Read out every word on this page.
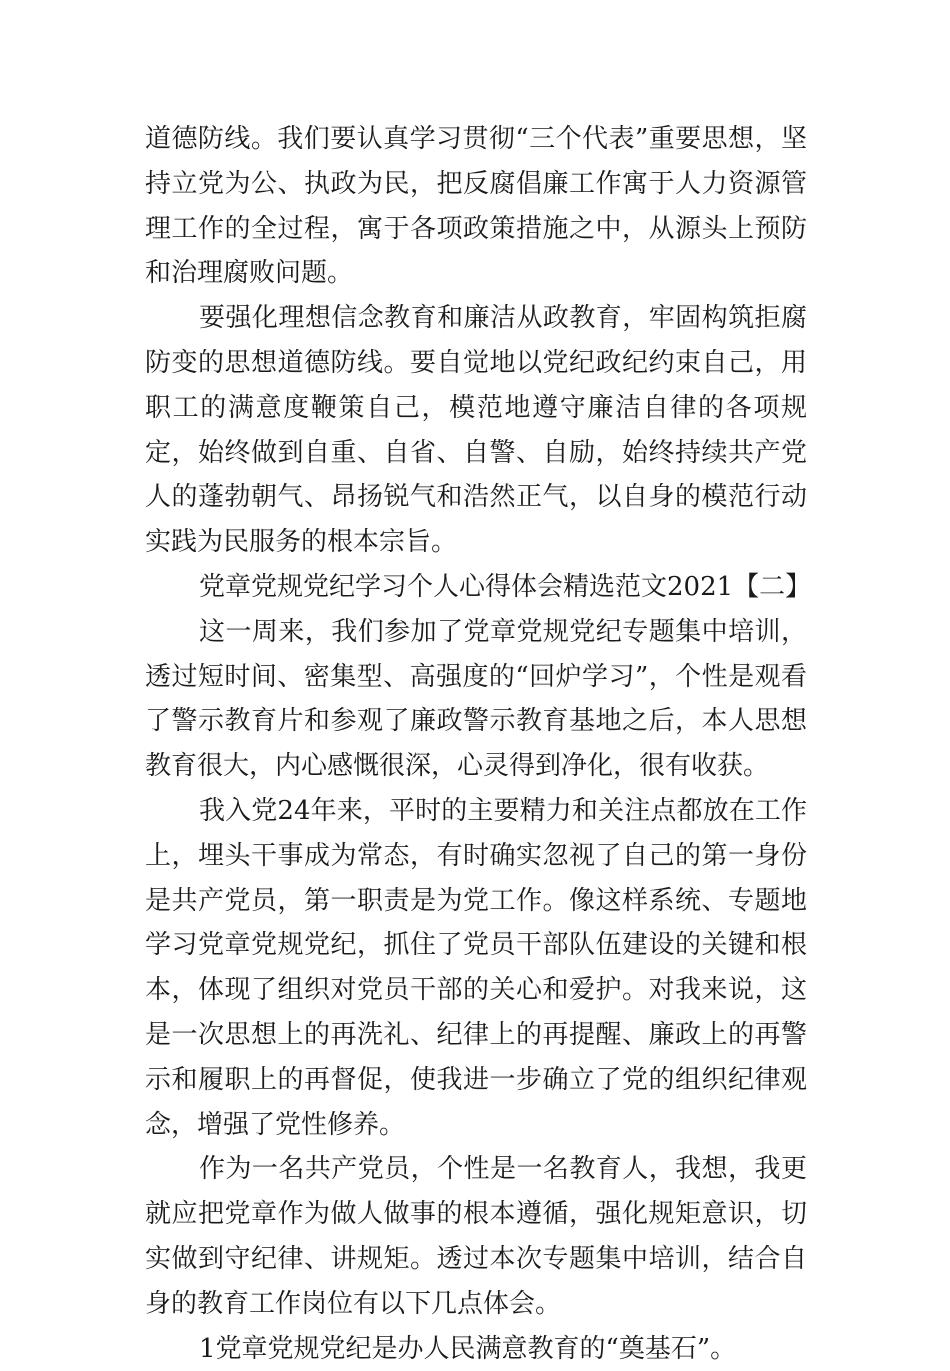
道德防线。我们要认真学习贯彻“三个代表”重要思想，坚持立党为公、执政为民，把反腐倡廉工作寓于人力资源管理工作的全过程，寓于各项政策措施之中，从源头上预防和治理腐败问题。

要强化理想信念教育和廉洁从政教育，牢固构筑拒腐防变的思想道德防线。要自觉地以党纪政纪约束自己，用职工的满意度鞭策自己，模范地遵守廉洁自律的各项规定，始终做到自重、自省、自警、自励，始终持续共产党人的蓬勃朝气、昂扬锐气和浩然正气，以自身的模范行动实践为民服务的根本宗旨。

党章党规党纪学习个人心得体会精选范文2021【二】

这一周来，我们参加了党章党规党纪专题集中培训，透过短时间、密集型、高强度的“回炉学习”，个性是观看了警示教育片和参观了廉政警示教育基地之后，本人思想教育很大，内心感慨很深，心灵得到净化，很有收获。

我入党24年来，平时的主要精力和关注点都放在工作上，埋头干事成为常态，有时确实忽视了自己的第一身份是共产党员，第一职责是为党工作。像这样系统、专题地学习党章党规党纪，抓住了党员干部队伍建设的关键和根本，体现了组织对党员干部的关心和爱护。对我来说，这是一次思想上的再洗礼、纪律上的再提醒、廉政上的再警示和履职上的再督促，使我进一步确立了党的组织纪律观念，增强了党性修养。

作为一名共产党员，个性是一名教育人，我想，我更就应把党章作为做人做事的根本遵循，强化规矩意识，切实做到守纪律、讲规矩。透过本次专题集中培训，结合自身的教育工作岗位有以下几点体会。

1党章党规党纪是办人民满意教育的“奠基石”。
